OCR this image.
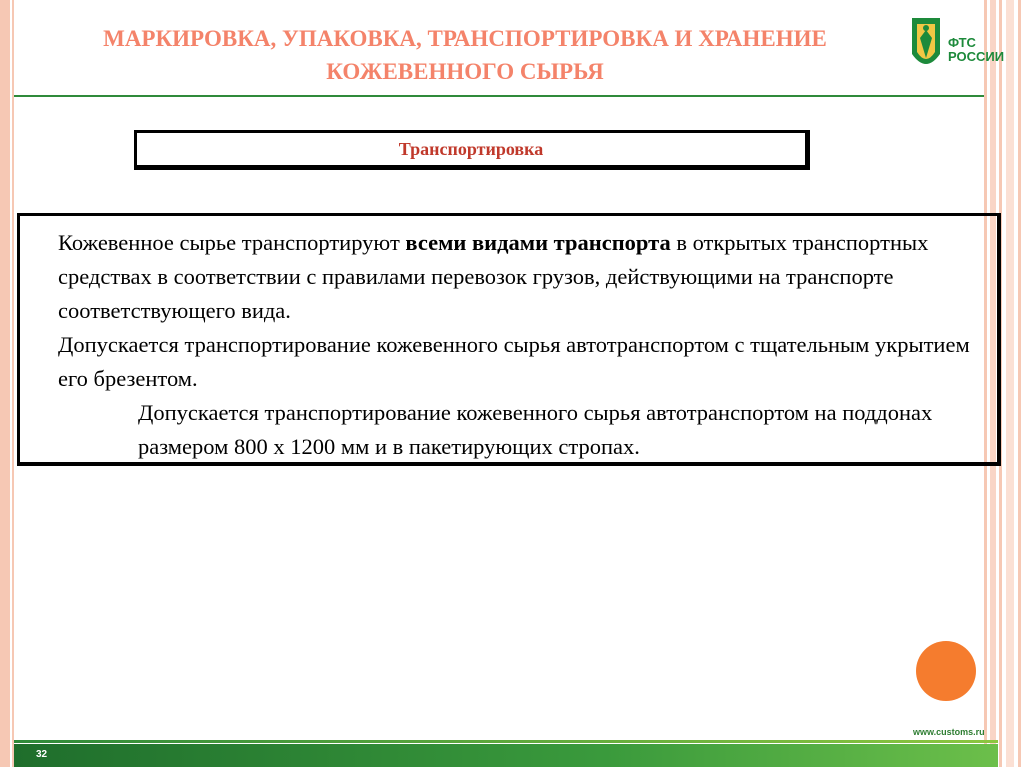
МАРКИРОВКА, УПАКОВКА, ТРАНСПОРТИРОВКА И ХРАНЕНИЕ КОЖЕВЕННОГО СЫРЬЯ
ФТС
РОССИИ
Транспортировка

Кожевенное сырье транспортируют всеми видами транспорта в открытых транспортных средствах в соответствии с правилами перевозок грузов, действующими на транспорте соответствующего вида.

Допускается транспортирование кожевенного сырья автотранспортом с тщательным укрытием его брезентом.

Допускается транспортирование кожевенного сырья автотранспортом на поддонах размером 800 х 1200 мм и в пакетирующих стропах.

www.customs.ru
32
